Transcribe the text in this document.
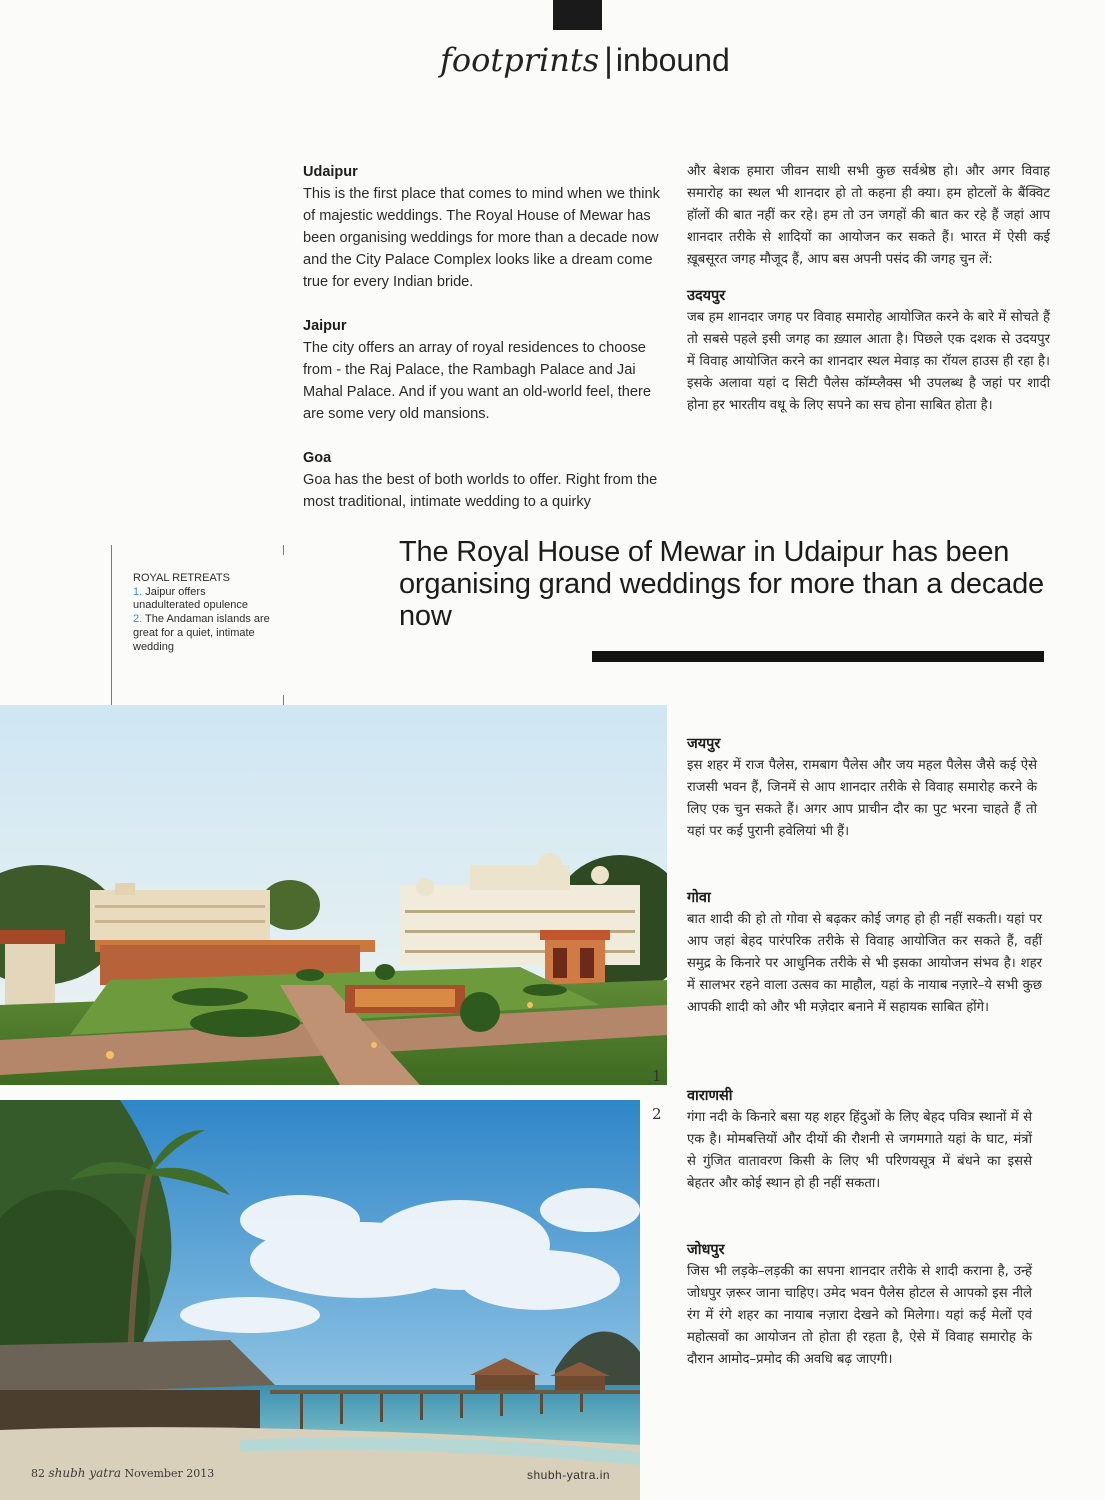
footprints |inbound
Udaipur
This is the first place that comes to mind when we think of majestic weddings. The Royal House of Mewar has been organising weddings for more than a decade now and the City Palace Complex looks like a dream come true for every Indian bride.
Jaipur
The city offers an array of royal residences to choose from - the Raj Palace, the Rambagh Palace and Jai Mahal Palace. And if you want an old-world feel, there are some very old mansions.
Goa
Goa has the best of both worlds to offer. Right from the most traditional, intimate wedding to a quirky
और बेशक हमारा जीवन साथी सभी कुछ सर्वश्रेष्ठ हो। और अगर विवाह समारोह का स्थल भी शानदार हो तो कहना ही क्या। हम होटलों के बैंक्विट हॉलों की बात नहीं कर रहे। हम तो उन जगहों की बात कर रहे हैं जहां आप शानदार तरीके से शादियों का आयोजन कर सकते हैं। भारत में ऐसी कई ख़ूबसूरत जगह मौजूद हैं, आप बस अपनी पसंद की जगह चुन लें:
उदयपुर
जब हम शानदार जगह पर विवाह समारोह आयोजित करने के बारे में सोचते हैं तो सबसे पहले इसी जगह का ख़्याल आता है। पिछले एक दशक से उदयपुर में विवाह आयोजित करने का शानदार स्थल मेवाड़ का रॉयल हाउस ही रहा है। इसके अलावा यहां द सिटी पैलेस कॉम्प्लैक्स भी उपलब्ध है जहां पर शादी होना हर भारतीय वधू के लिए सपने का सच होना साबित होता है।
ROYAL RETREATS
1. Jaipur offers unadulterated opulence
2. The Andaman islands are great for a quiet, intimate wedding
The Royal House of Mewar in Udaipur has been organising grand weddings for more than a decade now
1
2
जयपुर
इस शहर में राज पैलेस, रामबाग पैलेस और जय महल पैलेस जैसे कई ऐसे राजसी भवन हैं, जिनमें से आप शानदार तरीके से विवाह समारोह करने के लिए एक चुन सकते हैं। अगर आप प्राचीन दौर का पुट भरना चाहते हैं तो यहां पर कई पुरानी हवेलियां भी हैं।
गोवा
बात शादी की हो तो गोवा से बढ़कर कोई जगह हो ही नहीं सकती। यहां पर आप जहां बेहद पारंपरिक तरीके से विवाह आयोजित कर सकते हैं, वहीं समुद्र के किनारे पर आधुनिक तरीके से भी इसका आयोजन संभव है। शहर में सालभर रहने वाला उत्सव का माहौल, यहां के नायाब नज़ारे–ये सभी कुछ आपकी शादी को और भी मज़ेदार बनाने में सहायक साबित होंगे।
वाराणसी
गंगा नदी के किनारे बसा यह शहर हिंदुओं के लिए बेहद पवित्र स्थानों में से एक है। मोमबत्तियों और दीयों की रौशनी से जगमगाते यहां के घाट, मंत्रों से गुंजित वातावरण किसी के लिए भी परिणयसूत्र में बंधने का इससे बेहतर और कोई स्थान हो ही नहीं सकता।
जोधपुर
जिस भी लड़के–लड़की का सपना शानदार तरीके से शादी कराना है, उन्हें जोधपुर ज़रूर जाना चाहिए। उमेद भवन पैलेस होटल से आपको इस नीले रंग में रंगे शहर का नायाब नज़ारा देखने को मिलेगा। यहां कई मेलों एवं महोत्सवों का आयोजन तो होता ही रहता है, ऐसे में विवाह समारोह के दौरान आमोद–प्रमोद की अवधि बढ़ जाएगी।
82 shubh yatra November 2013	shubh-yatra.in
